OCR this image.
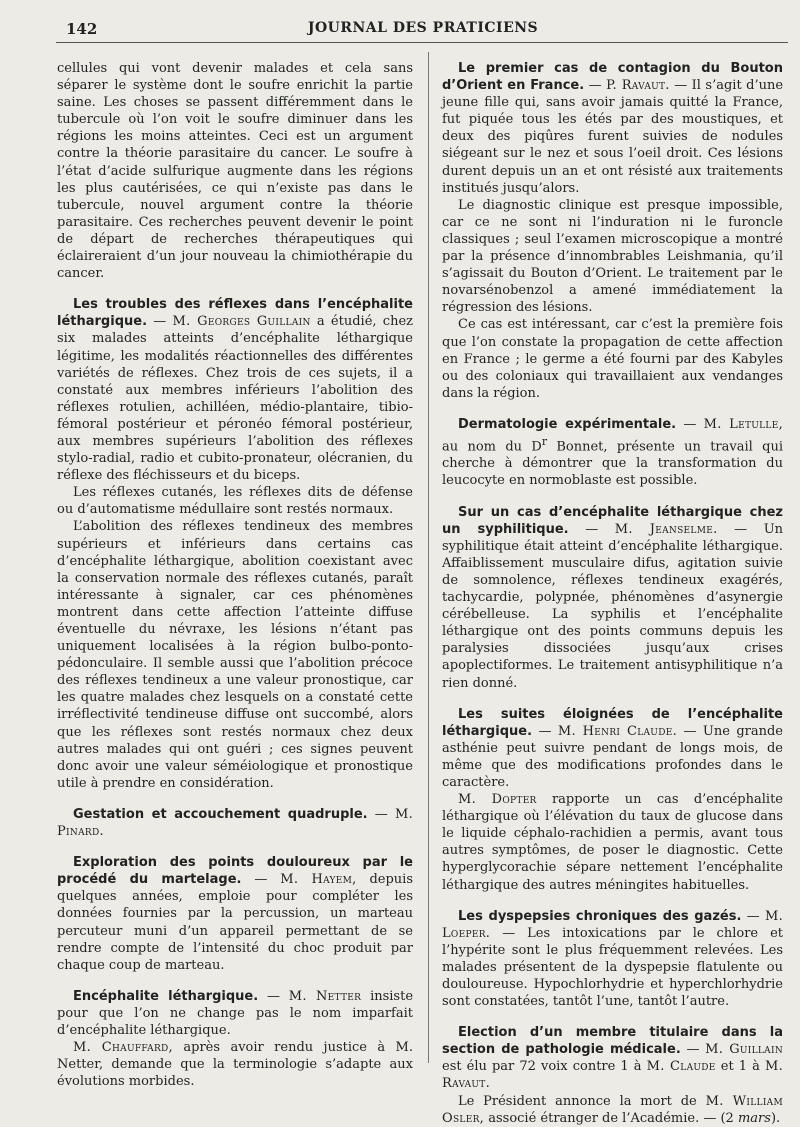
142	JOURNAL DES PRATICIENS

cellules qui vont devenir malades et cela sans séparer le système dont le soufre enrichit la partie saine. Les choses se passent différemment dans le tubercule où l’on voit le soufre diminuer dans les régions les moins atteintes. Ceci est un argument contre la théorie parasitaire du cancer. Le soufre à l’état d’acide sulfurique augmente dans les régions les plus cautérisées, ce qui n’existe pas dans le tubercule, nouvel argument contre la théorie parasitaire. Ces recherches peuvent devenir le point de départ de recherches thérapeutiques qui éclaireraient d’un jour nouveau la chimiothérapie du cancer.

Les troubles des réflexes dans l’encéphalite léthargique. — M. Georges Guillain a étudié, chez six malades atteints d’encéphalite léthargique légitime, les modalités réactionnelles des différentes variétés de réflexes. Chez trois de ces sujets, il a constaté aux membres inférieurs l’abolition des réflexes rotulien, achilléen, médio-plantaire, tibio-fémoral postérieur et péronéo fémoral postérieur, aux membres supérieurs l’abolition des réflexes stylo-radial, radio et cubito-pronateur, olécranien, du réflexe des fléchisseurs et du biceps.

Les réflexes cutanés, les réflexes dits de défense ou d’automatisme médullaire sont restés normaux.

L’abolition des réflexes tendineux des membres supérieurs et inférieurs dans certains cas d’encéphalite léthargique, abolition coexistant avec la conservation normale des réflexes cutanés, paraît intéressante à signaler, car ces phénomènes montrent dans cette affection l’atteinte diffuse éventuelle du névraxe, les lésions n’étant pas uniquement localisées à la région bulbo-ponto-pédonculaire. Il semble aussi que l’abolition précoce des réflexes tendineux a une valeur pronostique, car les quatre malades chez lesquels on a constaté cette irréflectivité tendineuse diffuse ont succombé, alors que les réflexes sont restés normaux chez deux autres malades qui ont guéri ; ces signes peuvent donc avoir une valeur séméiologique et pronostique utile à prendre en considération.

Gestation et accouchement quadruple. — M. Pinard.

Exploration des points douloureux par le procédé du martelage. — M. Hayem, depuis quelques années, emploie pour compléter les données fournies par la percussion, un marteau percuteur muni d’un appareil permettant de se rendre compte de l’intensité du choc produit par chaque coup de marteau.

Encéphalite léthargique. — M. Netter insiste pour que l’on ne change pas le nom imparfait d’encéphalite léthargique.

M. Chauffard, après avoir rendu justice à M. Netter, demande que la terminologie s’adapte aux évolutions morbides.

Le premier cas de contagion du Bouton d’Orient en France. — P. Ravaut. — Il s’agit d’une jeune fille qui, sans avoir jamais quitté la France, fut piquée tous les étés par des moustiques, et deux des piqûres furent suivies de nodules siégeant sur le nez et sous l’oeil droit. Ces lésions durent depuis un an et ont résisté aux traitements institués jusqu’alors.

Le diagnostic clinique est presque impossible, car ce ne sont ni l’induration ni le furoncle classiques ; seul l’examen microscopique a montré par la présence d’innombrables Leishmania, qu’il s’agissait du Bouton d’Orient. Le traitement par le novarsénobenzol a amené immédiatement la régression des lésions.

Ce cas est intéressant, car c’est la première fois que l’on constate la propagation de cette affection en France ; le germe a été fourni par des Kabyles ou des coloniaux qui travaillaient aux vendanges dans la région.

Dermatologie expérimentale. — M. Letulle, au nom du $D^r$ Bonnet, présente un travail qui cherche à démontrer que la transformation du leucocyte en normoblaste est possible.

Sur un cas d’encéphalite léthargique chez un syphilitique. — M. Jeanselme. — Un syphilitique était atteint d’encéphalite léthargique. Affaiblissement musculaire difus, agitation suivie de somnolence, réflexes tendineux exagérés, tachycardie, polypnée, phénomènes d’asynergie cérébelleuse. La syphilis et l’encéphalite léthargique ont des points communs depuis les paralysies dissociées jusqu’aux crises apoplectiformes. Le traitement antisyphilitique n’a rien donné.

Les suites éloignées de l’encéphalite léthargique. — M. Henri Claude. — Une grande asthénie peut suivre pendant de longs mois, de même que des modifications profondes dans le caractère.

M. Dopter rapporte un cas d’encéphalite léthargique où l’élévation du taux de glucose dans le liquide céphalo-rachidien a permis, avant tous autres symptômes, de poser le diagnostic. Cette hyperglycorachie sépare nettement l’encéphalite léthargique des autres méningites habituelles.

Les dyspepsies chroniques des gazés. — M. Loeper. — Les intoxications par le chlore et l’hypérite sont le plus fréquemment relevées. Les malades présentent de la dyspepsie flatulente ou douloureuse. Hypochlorhydrie et hyperchlorhydrie sont constatées, tantôt l’une, tantôt l’autre.

Election d’un membre titulaire dans la section de pathologie médicale. — M. Guillain est élu par 72 voix contre 1 à M. Claude et 1 à M. Ravaut.

Le Président annonce la mort de M. William Osler, associé étranger de l’Académie. — (2 mars).
